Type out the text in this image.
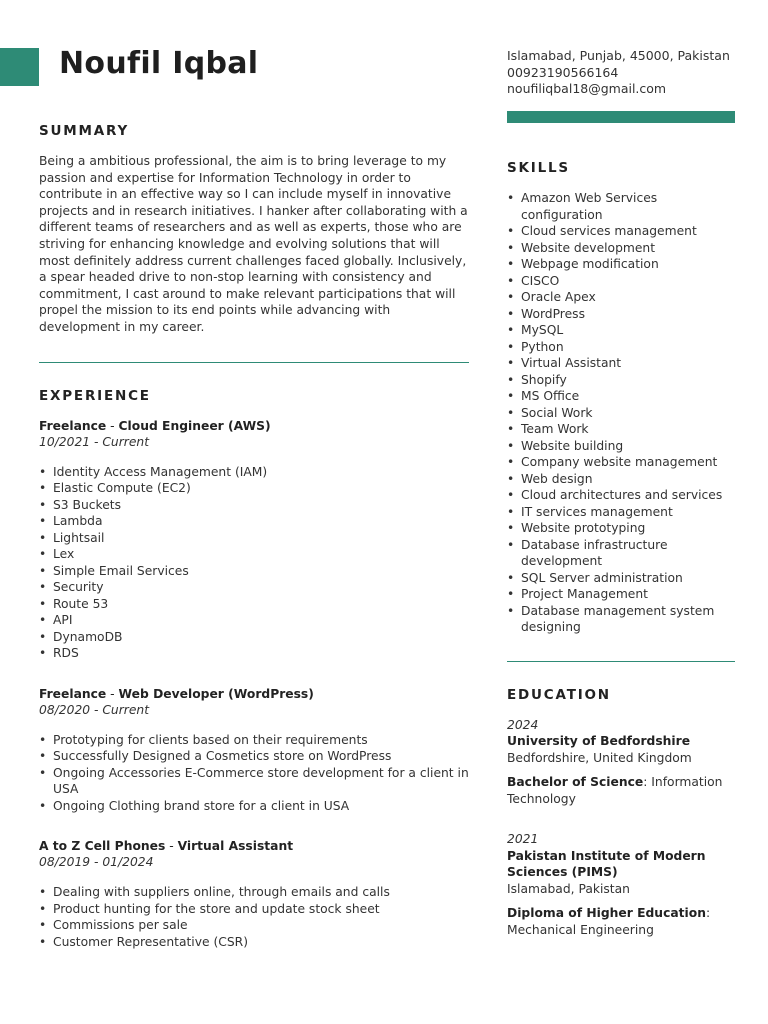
Noufil Iqbal	Islamabad, Punjab, 45000, Pakistan
00923190566164
noufiliqbal18@gmail.com
SUMMARY

Being a ambitious professional, the aim is to bring leverage to my passion and expertise for Information Technology in order to contribute in an effective way so I can include myself in innovative projects and in research initiatives. I hanker after collaborating with a different teams of researchers and as well as experts, those who are striving for enhancing knowledge and evolving solutions that will most definitely address current challenges faced globally. Inclusively, a spear headed drive to non-stop learning with consistency and commitment, I cast around to make relevant participations that will propel the mission to its end points while advancing with development in my career.

EXPERIENCE
Freelance - Cloud Engineer (AWS)
10/2021 - Current
• Identity Access Management (IAM)
• Elastic Compute (EC2)
• S3 Buckets
• Lambda
• Lightsail
• Lex
• Simple Email Services
• Security
• Route 53
• API
• DynamoDB
• RDS
Freelance - Web Developer (WordPress)
08/2020 - Current
• Prototyping for clients based on their requirements
• Successfully Designed a Cosmetics store on WordPress
• Ongoing Accessories E-Commerce store development for a client in USA
• Ongoing Clothing brand store for a client in USA
A to Z Cell Phones - Virtual Assistant
08/2019 - 01/2024
• Dealing with suppliers online, through emails and calls
• Product hunting for the store and update stock sheet
• Commissions per sale
• Customer Representative (CSR)
SKILLS
• Amazon Web Services configuration
• Cloud services management
• Website development
• Webpage modification
• CISCO
• Oracle Apex
• WordPress
• MySQL
• Python
• Virtual Assistant
• Shopify
• MS Office
• Social Work
• Team Work
• Website building
• Company website management
• Web design
• Cloud architectures and services
• IT services management
• Website prototyping
• Database infrastructure development
• SQL Server administration
• Project Management
• Database management system designing
EDUCATION
2024
University of Bedfordshire
Bedfordshire, United Kingdom
Bachelor of Science: Information Technology
2021
Pakistan Institute of Modern Sciences (PIMS)
Islamabad, Pakistan
Diploma of Higher Education: Mechanical Engineering
